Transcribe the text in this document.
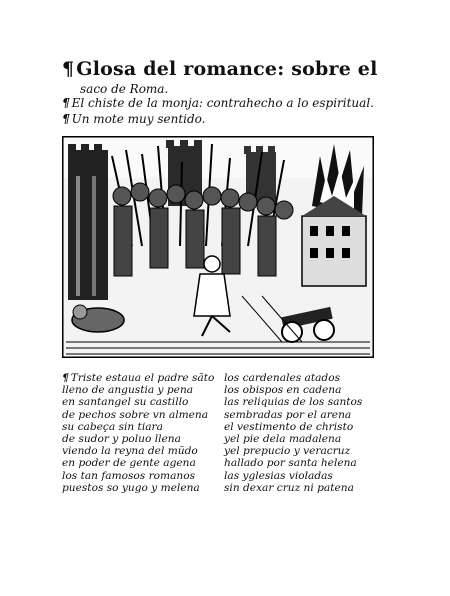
¶ Glosa del romance: sobre el
saco de Roma.
¶ El chiste de la monja: contrahecho a lo espiritual.
¶ Un mote muy sentido.
¶ Triste estaua el padre sãto
lleno de angustia y pena
en santangel su castillo
de pechos sobre vn almena
su cabeça sin tiara
de sudor y poluo llena
viendo la reyna del mũdo
en poder de gente agena
los tan famosos romanos
puestos so yugo y melena
los cardenales atados
los obispos en cadena
las reliquias de los santos
sembradas por el arena
el vestimento de christo
yel pie dela madalena
yel prepucio y veracruz
hallado por santa helena
las yglesias violadas
sin dexar cruz ni patena
